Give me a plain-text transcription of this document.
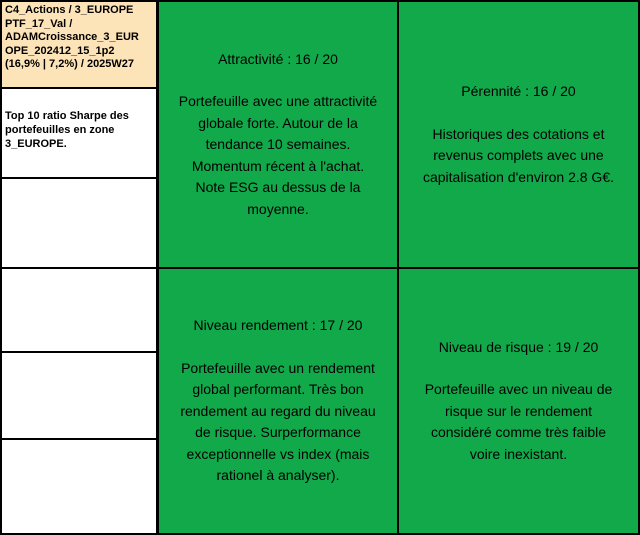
C4_Actions / 3_EUROPE
PTF_17_Val /
ADAMCroissance_3_EUR
OPE_202412_15_1p2
(16,9% | 7,2%) / 2025W27
Top 10 ratio Sharpe des
portefeuilles en zone
3_EUROPE.
Attractivité : 16 / 20
Portefeuille avec une attractivité
globale forte. Autour de la
tendance 10 semaines.
Momentum récent à l'achat.
Note ESG au dessus de la
moyenne.
Pérennité : 16 / 20
Historiques des cotations et
revenus complets avec une
capitalisation d'environ 2.8 G€.
Niveau rendement : 17 / 20
Portefeuille avec un rendement
global performant. Très bon
rendement au regard du niveau
de risque. Surperformance
exceptionnelle vs index (mais
rationel à analyser).
Niveau de risque : 19 / 20
Portefeuille avec un niveau de
risque sur le rendement
considéré comme très faible
voire inexistant.
